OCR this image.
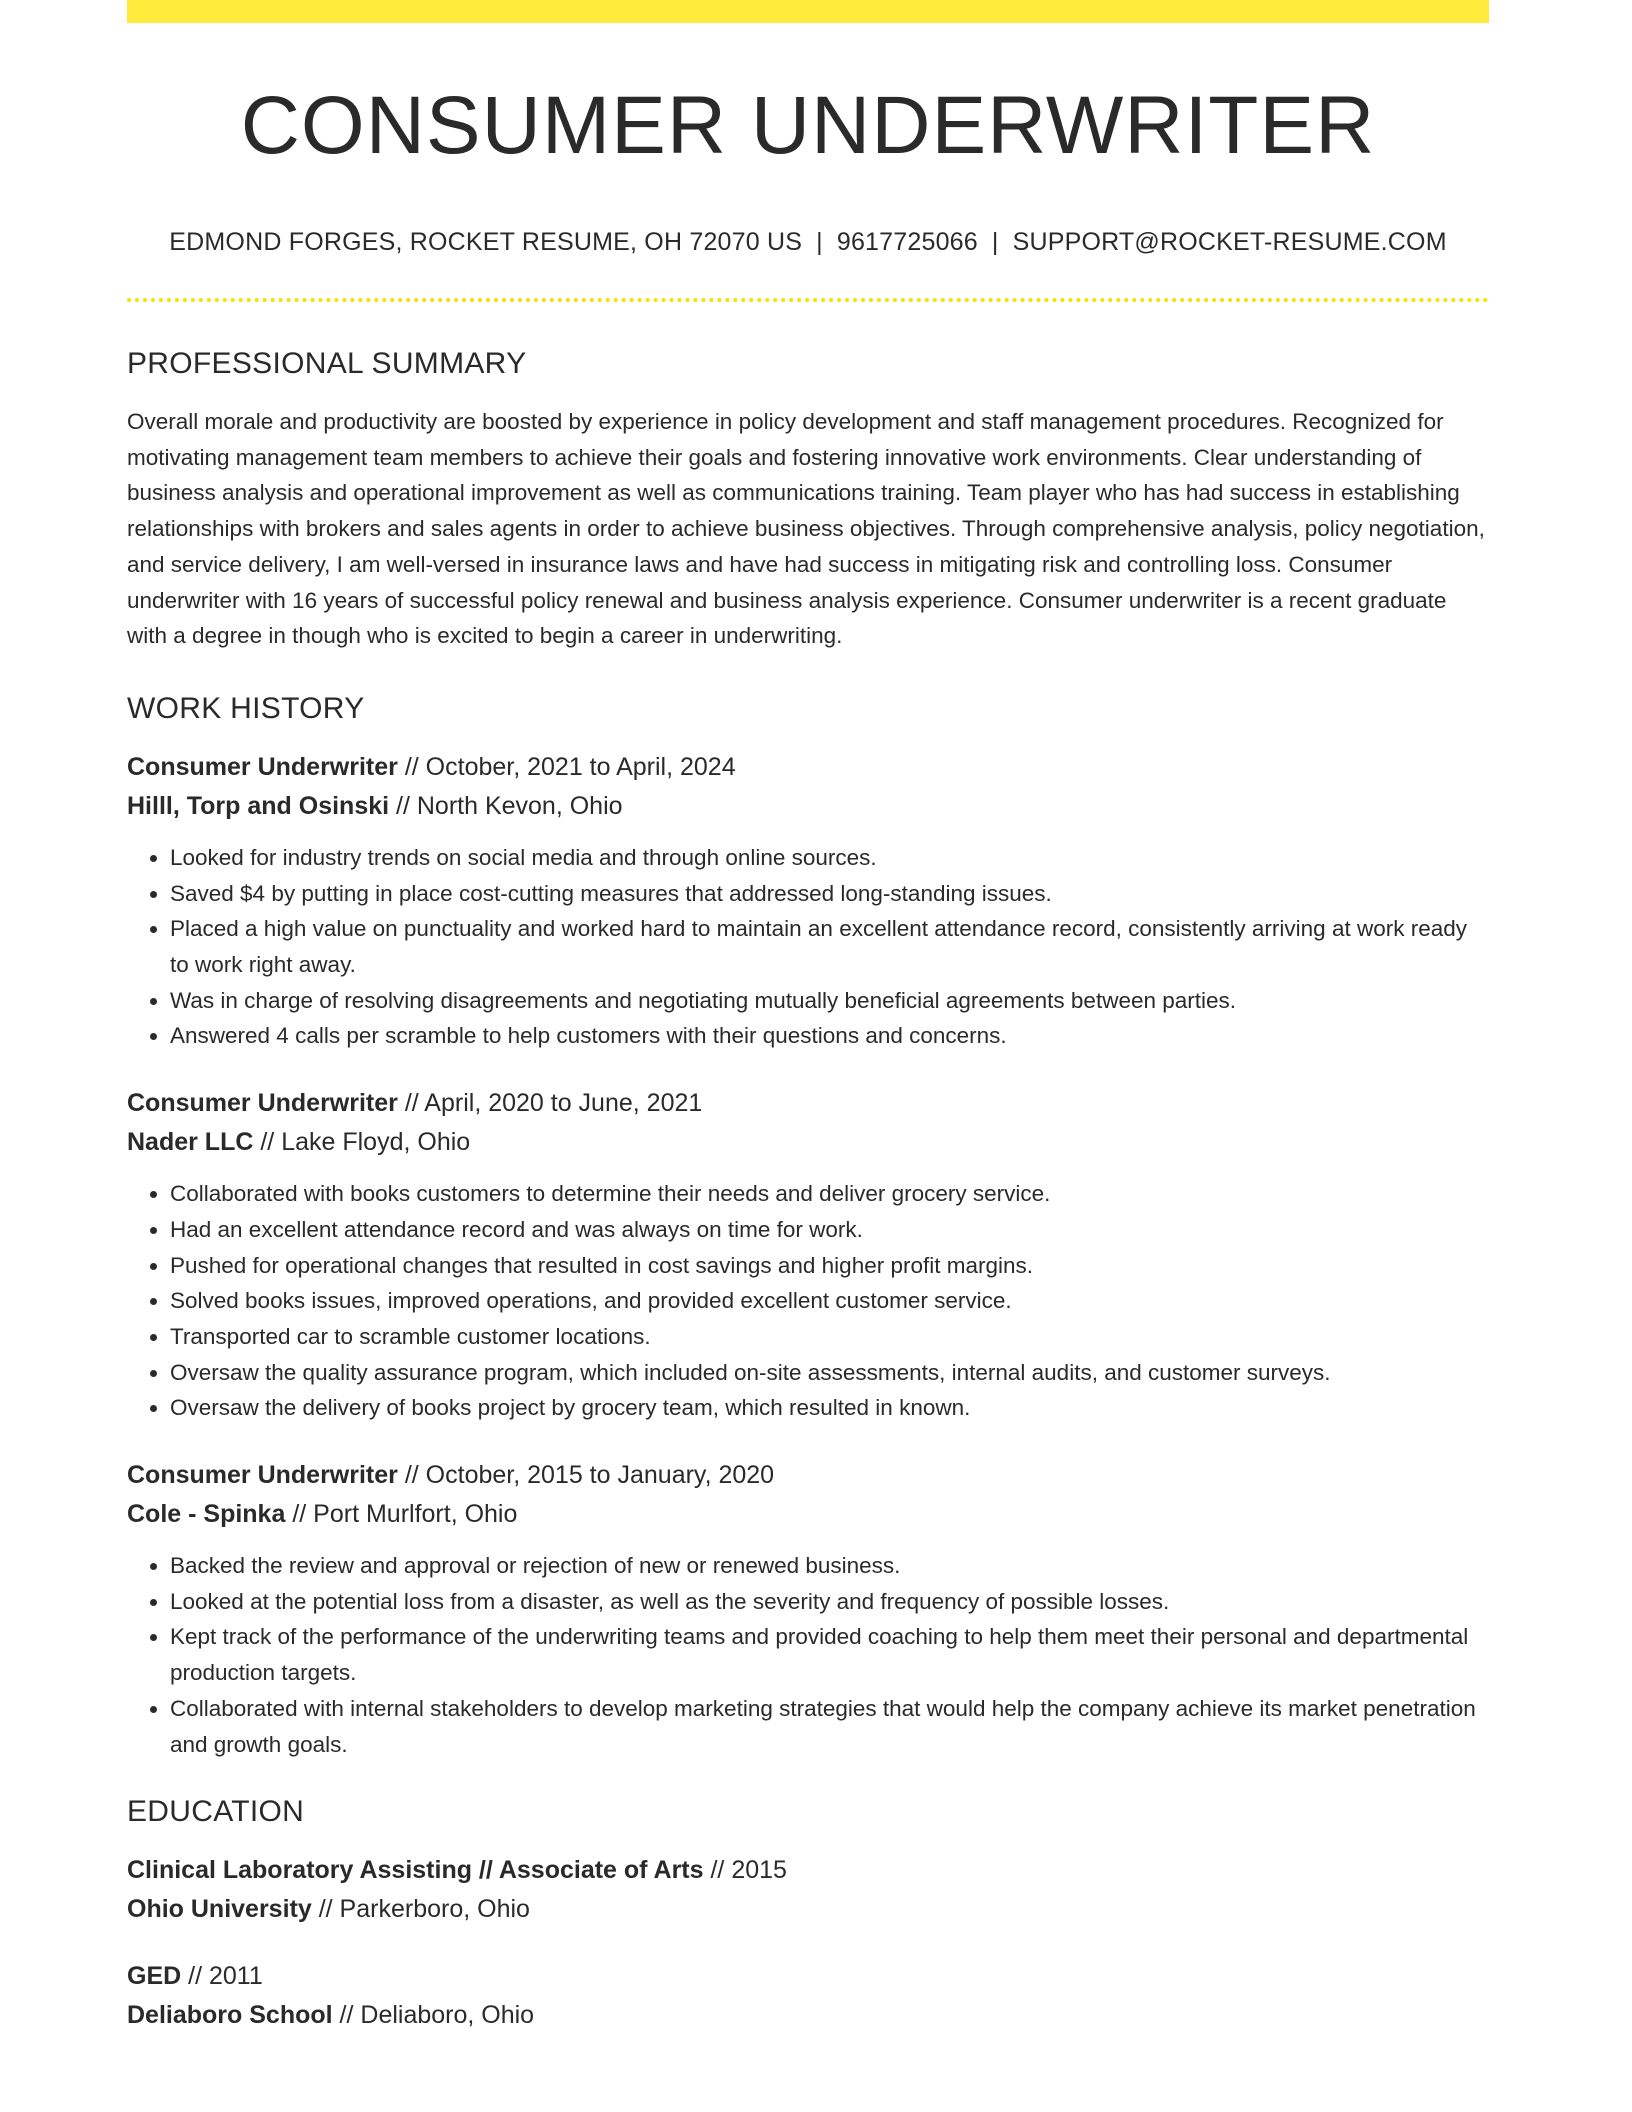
CONSUMER UNDERWRITER
EDMOND FORGES, ROCKET RESUME, OH 72070 US | 9617725066 | SUPPORT@ROCKET-RESUME.COM
PROFESSIONAL SUMMARY
Overall morale and productivity are boosted by experience in policy development and staff management procedures. Recognized for motivating management team members to achieve their goals and fostering innovative work environments. Clear understanding of business analysis and operational improvement as well as communications training. Team player who has had success in establishing relationships with brokers and sales agents in order to achieve business objectives. Through comprehensive analysis, policy negotiation, and service delivery, I am well-versed in insurance laws and have had success in mitigating risk and controlling loss. Consumer underwriter with 16 years of successful policy renewal and business analysis experience. Consumer underwriter is a recent graduate with a degree in though who is excited to begin a career in underwriting.
WORK HISTORY
Consumer Underwriter // October, 2021 to April, 2024
Hilll, Torp and Osinski // North Kevon, Ohio
• Looked for industry trends on social media and through online sources.
• Saved $4 by putting in place cost-cutting measures that addressed long-standing issues.
• Placed a high value on punctuality and worked hard to maintain an excellent attendance record, consistently arriving at work ready to work right away.
• Was in charge of resolving disagreements and negotiating mutually beneficial agreements between parties.
• Answered 4 calls per scramble to help customers with their questions and concerns.
Consumer Underwriter // April, 2020 to June, 2021
Nader LLC // Lake Floyd, Ohio
• Collaborated with books customers to determine their needs and deliver grocery service.
• Had an excellent attendance record and was always on time for work.
• Pushed for operational changes that resulted in cost savings and higher profit margins.
• Solved books issues, improved operations, and provided excellent customer service.
• Transported car to scramble customer locations.
• Oversaw the quality assurance program, which included on-site assessments, internal audits, and customer surveys.
• Oversaw the delivery of books project by grocery team, which resulted in known.
Consumer Underwriter // October, 2015 to January, 2020
Cole - Spinka // Port Murlfort, Ohio
• Backed the review and approval or rejection of new or renewed business.
• Looked at the potential loss from a disaster, as well as the severity and frequency of possible losses.
• Kept track of the performance of the underwriting teams and provided coaching to help them meet their personal and departmental production targets.
• Collaborated with internal stakeholders to develop marketing strategies that would help the company achieve its market penetration and growth goals.
EDUCATION
Clinical Laboratory Assisting // Associate of Arts // 2015
Ohio University // Parkerboro, Ohio
GED // 2011
Deliaboro School // Deliaboro, Ohio
